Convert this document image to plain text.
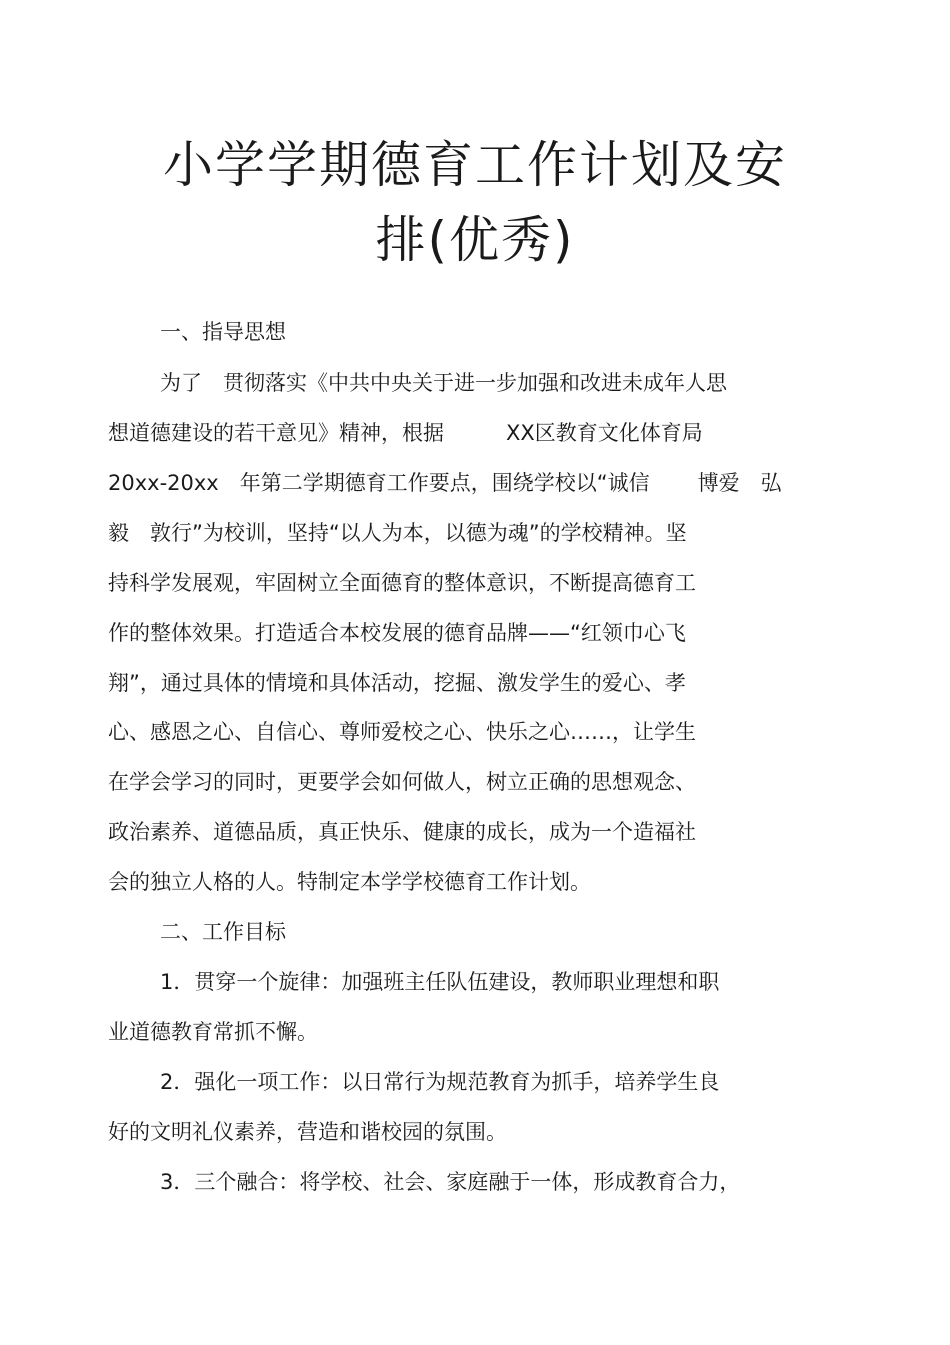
小学学期德育工作计划及安
排(优秀)

一、指导思想

为了　贯彻落实《中共中央关于进一步加强和改进未成年人思

想道德建设的若干意见》精神，根据	XX区教育文化体育局

20xx-20xx　年第二学期德育工作要点，围绕学校以“诚信 博爱　弘

毅　敦行”为校训，坚持“以人为本，以德为魂”的学校精神。坚

持科学发展观，牢固树立全面德育的整体意识，不断提高德育工

作的整体效果。打造适合本校发展的德育品牌——“红领巾心飞

翔”，通过具体的情境和具体活动，挖掘、激发学生的爱心、孝

心、感恩之心、自信心、尊师爱校之心、快乐之心……，让学生

在学会学习的同时，更要学会如何做人，树立正确的思想观念、

政治素养、道德品质，真正快乐、健康的成长，成为一个造福社

会的独立人格的人。特制定本学学校德育工作计划。

二、工作目标

1．贯穿一个旋律：加强班主任队伍建设，教师职业理想和职

业道德教育常抓不懈。

2．强化一项工作：以日常行为规范教育为抓手，培养学生良

好的文明礼仪素养，营造和谐校园的氛围。

3．三个融合：将学校、社会、家庭融于一体，形成教育合力，
